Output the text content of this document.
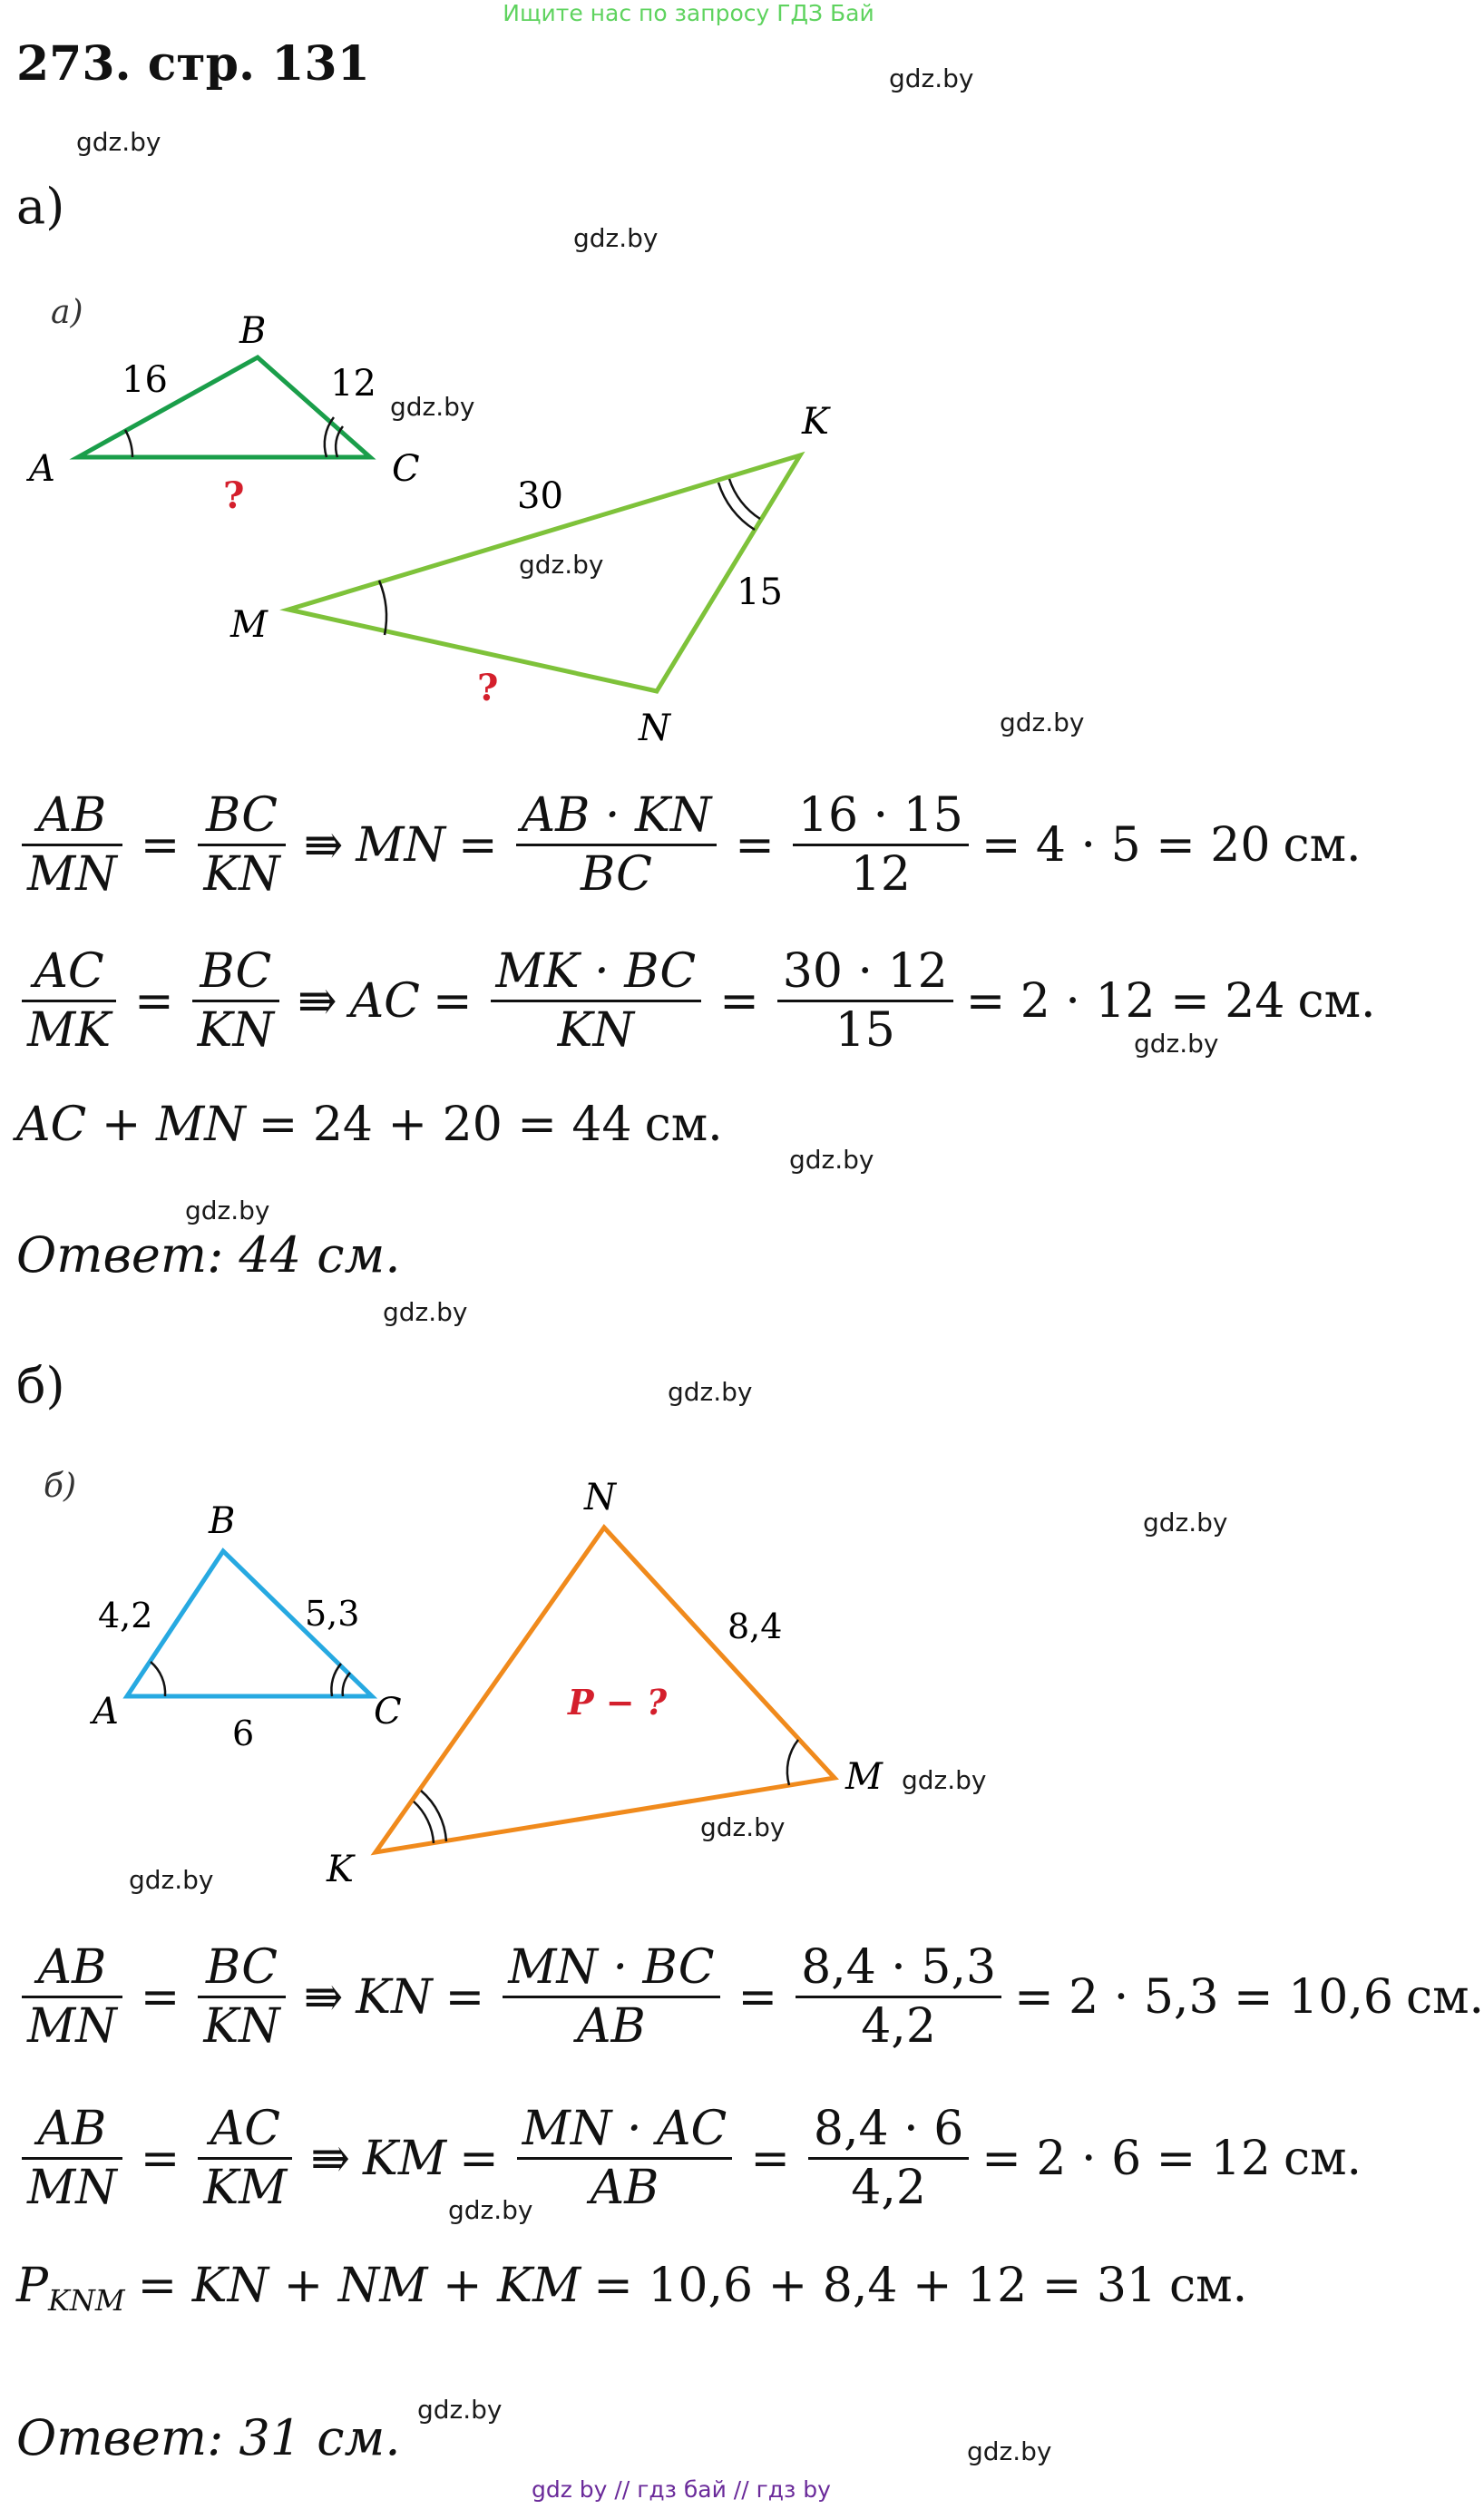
Ищите нас по запросу ГДЗ Бай
273. стр. 131	gdz.by
gdz.by
gdz.by
gdz.by
gdz.by
gdz.by
gdz.by
gdz.by
gdz.by
gdz.by
gdz.by
gdz.by
gdz.by
gdz.by
gdz.by
gdz.by
gdz.by
gdz.by
а)
а)
A
B
C
16	12
?
M
N
K
30
15
?
AB
MN
=
BC
KN
⇛ MN =
AB · KN
BC
=
16 · 15
12
= 4 · 5 = 20 см.
AC
MK
=
BC
KN
⇛ AC =
MK · BC
KN
=
30 · 12
15
= 2 · 12 = 24 см.
AC + MN = 24 + 20 = 44 см.
Ответ: 44 см.
б)
б)
A
B
C
4,2	5,3
6
N
M
K
8,4
P − ?
AB
MN
=
BC
KN
⇛ KN =
MN · BC
AB
=
8,4 · 5,3
4,2
= 2 · 5,3 = 10,6 см.
AB
MN
=
AC
KM
⇛ KM =
MN · AC
AB
=
8,4 · 6
4,2
= 2 · 6 = 12 см.
P KNM = KN + NM + KM = 10,6 + 8,4 + 12 = 31 см.
Ответ: 31 см.
gdz by // гдз бай // гдз by
